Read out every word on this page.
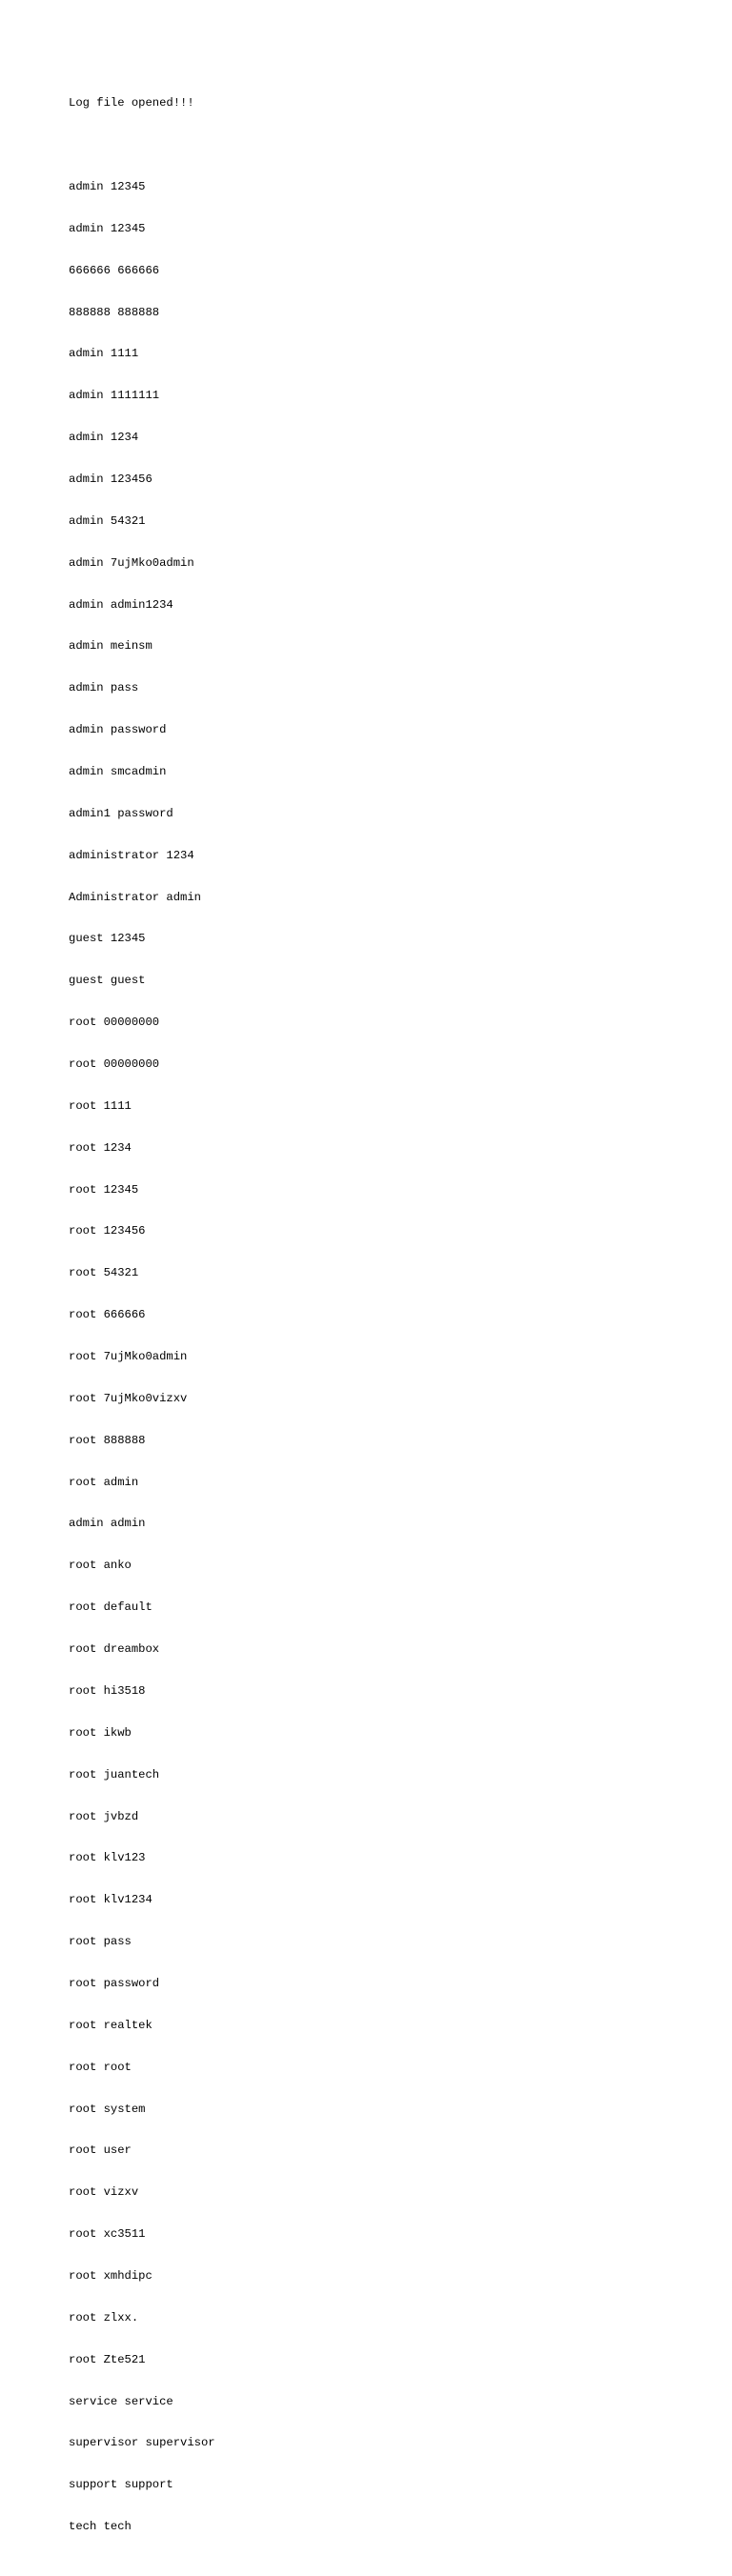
Log file opened!!!

admin 12345

admin 12345

666666 666666

888888 888888

admin 1111

admin 1111111

admin 1234

admin 123456

admin 54321

admin 7ujMko0admin

admin admin1234

admin meinsm

admin pass

admin password

admin smcadmin

admin1 password

administrator 1234

Administrator admin

guest 12345

guest guest

root 00000000

root 00000000

root 1111

root 1234

root 12345

root 123456

root 54321

root 666666

root 7ujMko0admin

root 7ujMko0vizxv

root 888888

root admin

admin admin

root anko

root default

root dreambox

root hi3518

root ikwb

root juantech

root jvbzd

root klv123

root klv1234

root pass

root password

root realtek

root root

root system

root user

root vizxv

root xc3511

root xmhdipc

root zlxx.

root Zte521

service service

supervisor supervisor

support support

tech tech
